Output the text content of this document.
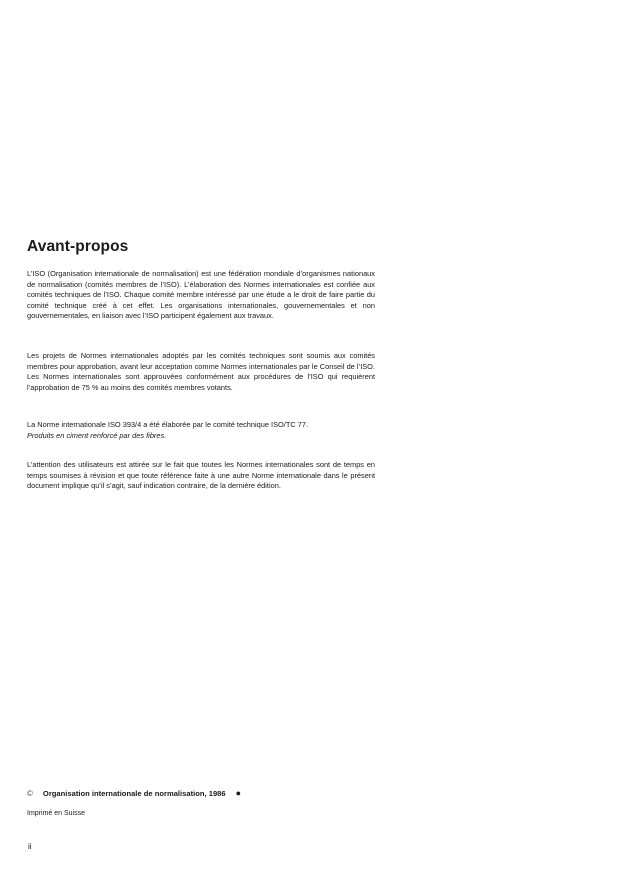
Avant-propos

L’ISO (Organisation internationale de normalisation) est une fédération mondiale d’organismes nationaux de normalisation (comités membres de l’ISO). L’élaboration des Normes internationales est confiée aux comités techniques de l’ISO. Chaque comité membre intéressé par une étude a le droit de faire partie du comité technique créé à cet effet. Les organisations internationales, gouvernementales et non gouvernementales, en liaison avec l’ISO participent également aux travaux.

Les projets de Normes internationales adoptés par les comités techniques sont soumis aux comités membres pour approbation, avant leur acceptation comme Normes internationales par le Conseil de l’ISO. Les Normes internationales sont approuvées conformément aux procédures de l’ISO qui requièrent l’approbation de 75 % au moins des comités membres votants.

La Norme internationale ISO 393/4 a été élaborée par le comité technique ISO/TC 77.
Produits en ciment renforcé par des fibres.

L’attention des utilisateurs est attirée sur le fait que toutes les Normes internationales sont de temps en temps soumises à révision et que toute référence faite à une autre Norme internationale dans le présent document implique qu’il s’agit, sauf indication contraire, de la dernière édition.

© Organisation internationale de normalisation, 1986 ●
Imprimé en Suisse
ii
